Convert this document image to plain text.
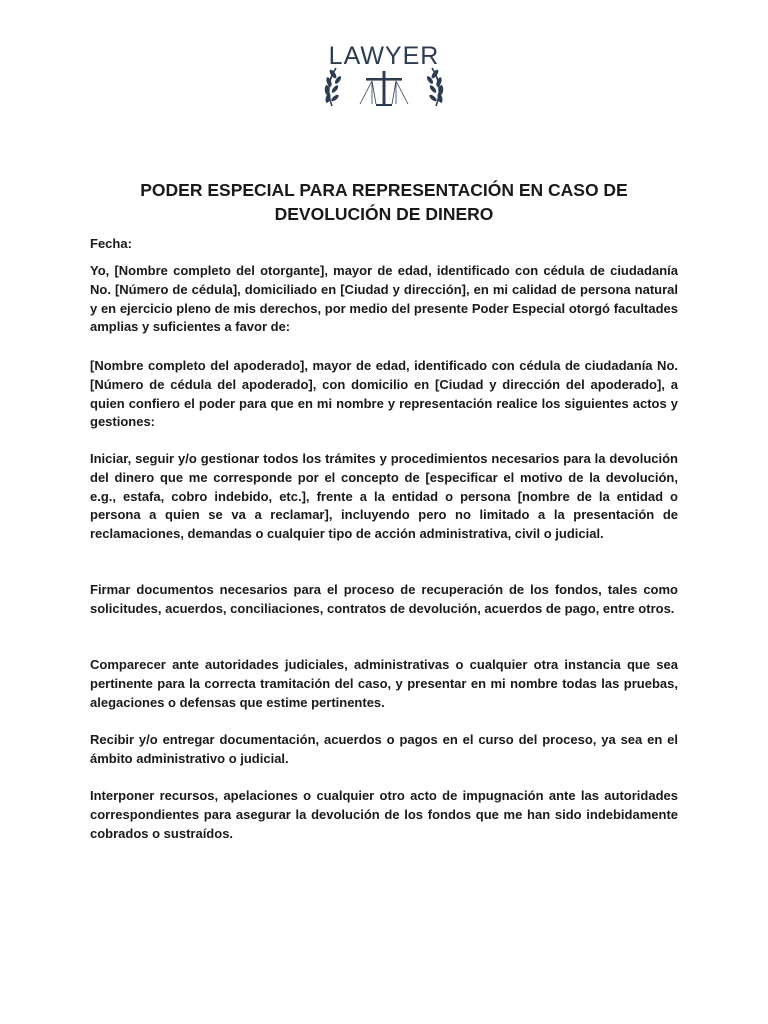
LAWYER
PODER ESPECIAL PARA REPRESENTACIÓN EN CASO DE DEVOLUCIÓN DE DINERO

Fecha:

Yo, [Nombre completo del otorgante], mayor de edad, identificado con cédula de ciudadanía No. [Número de cédula], domiciliado en [Ciudad y dirección], en mi calidad de persona natural y en ejercicio pleno de mis derechos, por medio del presente Poder Especial otorgó facultades amplias y suficientes a favor de:

[Nombre completo del apoderado], mayor de edad, identificado con cédula de ciudadanía No. [Número de cédula del apoderado], con domicilio en [Ciudad y dirección del apoderado], a quien confiero el poder para que en mi nombre y representación realice los siguientes actos y gestiones:

Iniciar, seguir y/o gestionar todos los trámites y procedimientos necesarios para la devolución del dinero que me corresponde por el concepto de [especificar el motivo de la devolución, e.g., estafa, cobro indebido, etc.], frente a la entidad o persona [nombre de la entidad o persona a quien se va a reclamar], incluyendo pero no limitado a la presentación de reclamaciones, demandas o cualquier tipo de acción administrativa, civil o judicial.

Firmar documentos necesarios para el proceso de recuperación de los fondos, tales como solicitudes, acuerdos, conciliaciones, contratos de devolución, acuerdos de pago, entre otros.

Comparecer ante autoridades judiciales, administrativas o cualquier otra instancia que sea pertinente para la correcta tramitación del caso, y presentar en mi nombre todas las pruebas, alegaciones o defensas que estime pertinentes.

Recibir y/o entregar documentación, acuerdos o pagos en el curso del proceso, ya sea en el ámbito administrativo o judicial.

Interponer recursos, apelaciones o cualquier otro acto de impugnación ante las autoridades correspondientes para asegurar la devolución de los fondos que me han sido indebidamente cobrados o sustraídos.
